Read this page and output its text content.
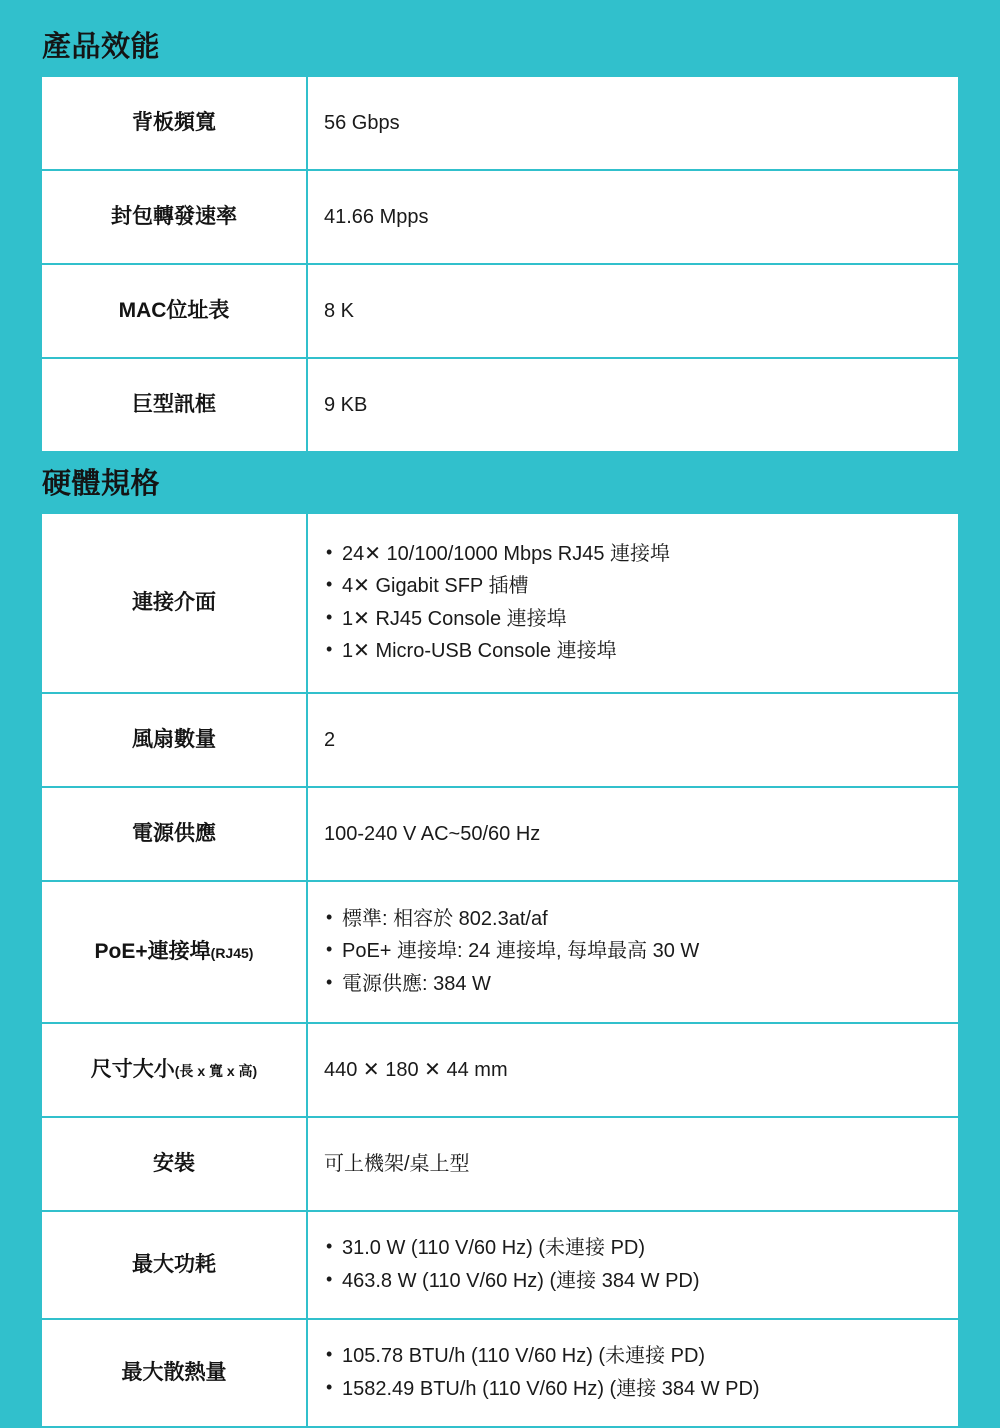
產品效能
背板頻寬	56 Gbps

封包轉發速率	41.66 Mpps

MAC位址表	8 K

巨型訊框	9 KB
硬體規格
連接介面	
• 24✕ 10/100/1000 Mbps RJ45 連接埠
• 4✕ Gigabit SFP 插槽
• 1✕ RJ45 Console 連接埠
• 1✕ Micro-USB Console 連接埠

風扇數量	2

電源供應	100-240 V AC~50/60 Hz

PoE+連接埠(RJ45)	
• 標準: 相容於 802.3at/af
• PoE+ 連接埠: 24 連接埠, 每埠最高 30 W
• 電源供應: 384 W

尺寸大小(長 x 寬 x 高)	440 ✕ 180 ✕ 44 mm

安裝	可上機架/桌上型

最大功耗	
• 31.0 W (110 V/60 Hz) (未連接 PD)
• 463.8 W (110 V/60 Hz) (連接 384 W PD)

最大散熱量	
• 105.78 BTU/h (110 V/60 Hz) (未連接 PD)
• 1582.49 BTU/h (110 V/60 Hz) (連接 384 W PD)
